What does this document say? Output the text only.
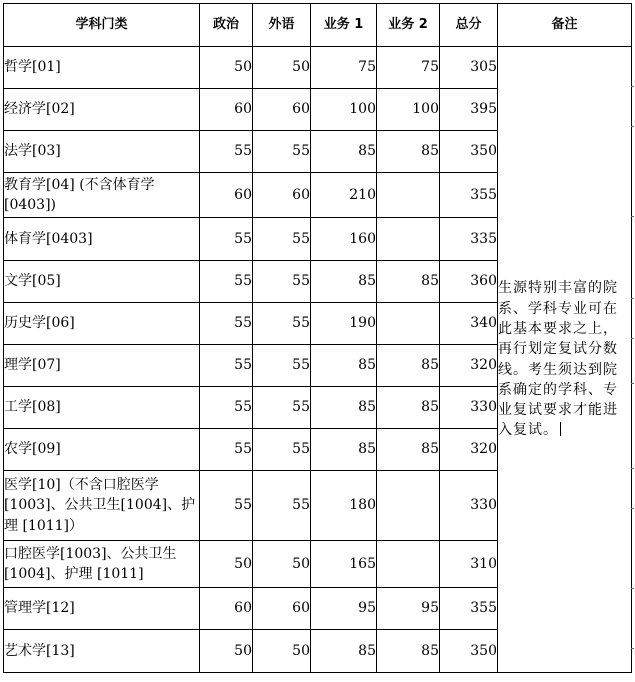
学科门类	政治	外语	业务 1	业务 2	总分	备注
哲学[01]	50	50	75	75	305	生源特别丰富的院系、学科专业可在此基本要求之上，再行划定复试分数线。考生须达到院系确定的学科、专业复试要求才能进入复试。
经济学[02]	60	60	100	100	395	
法学[03]	55	55	85	85	350	
教育学[04] (不含体育学[0403])	60	60	210		355	
体育学[0403]	55	55	160		335	
文学[05]	55	55	85	85	360	
历史学[06]	55	55	190		340	
理学[07]	55	55	85	85	320	
工学[08]	55	55	85	85	330	
农学[09]	55	55	85	85	320	
医学[10]（不含口腔医学[1003]、公共卫生[1004]、护理 [1011]）	55	55	180		330	
口腔医学[1003]、公共卫生 [1004]、护理 [1011]	50	50	165		310	
管理学[12]	60	60	95	95	355	
艺术学[13]	50	50	85	85	350	
